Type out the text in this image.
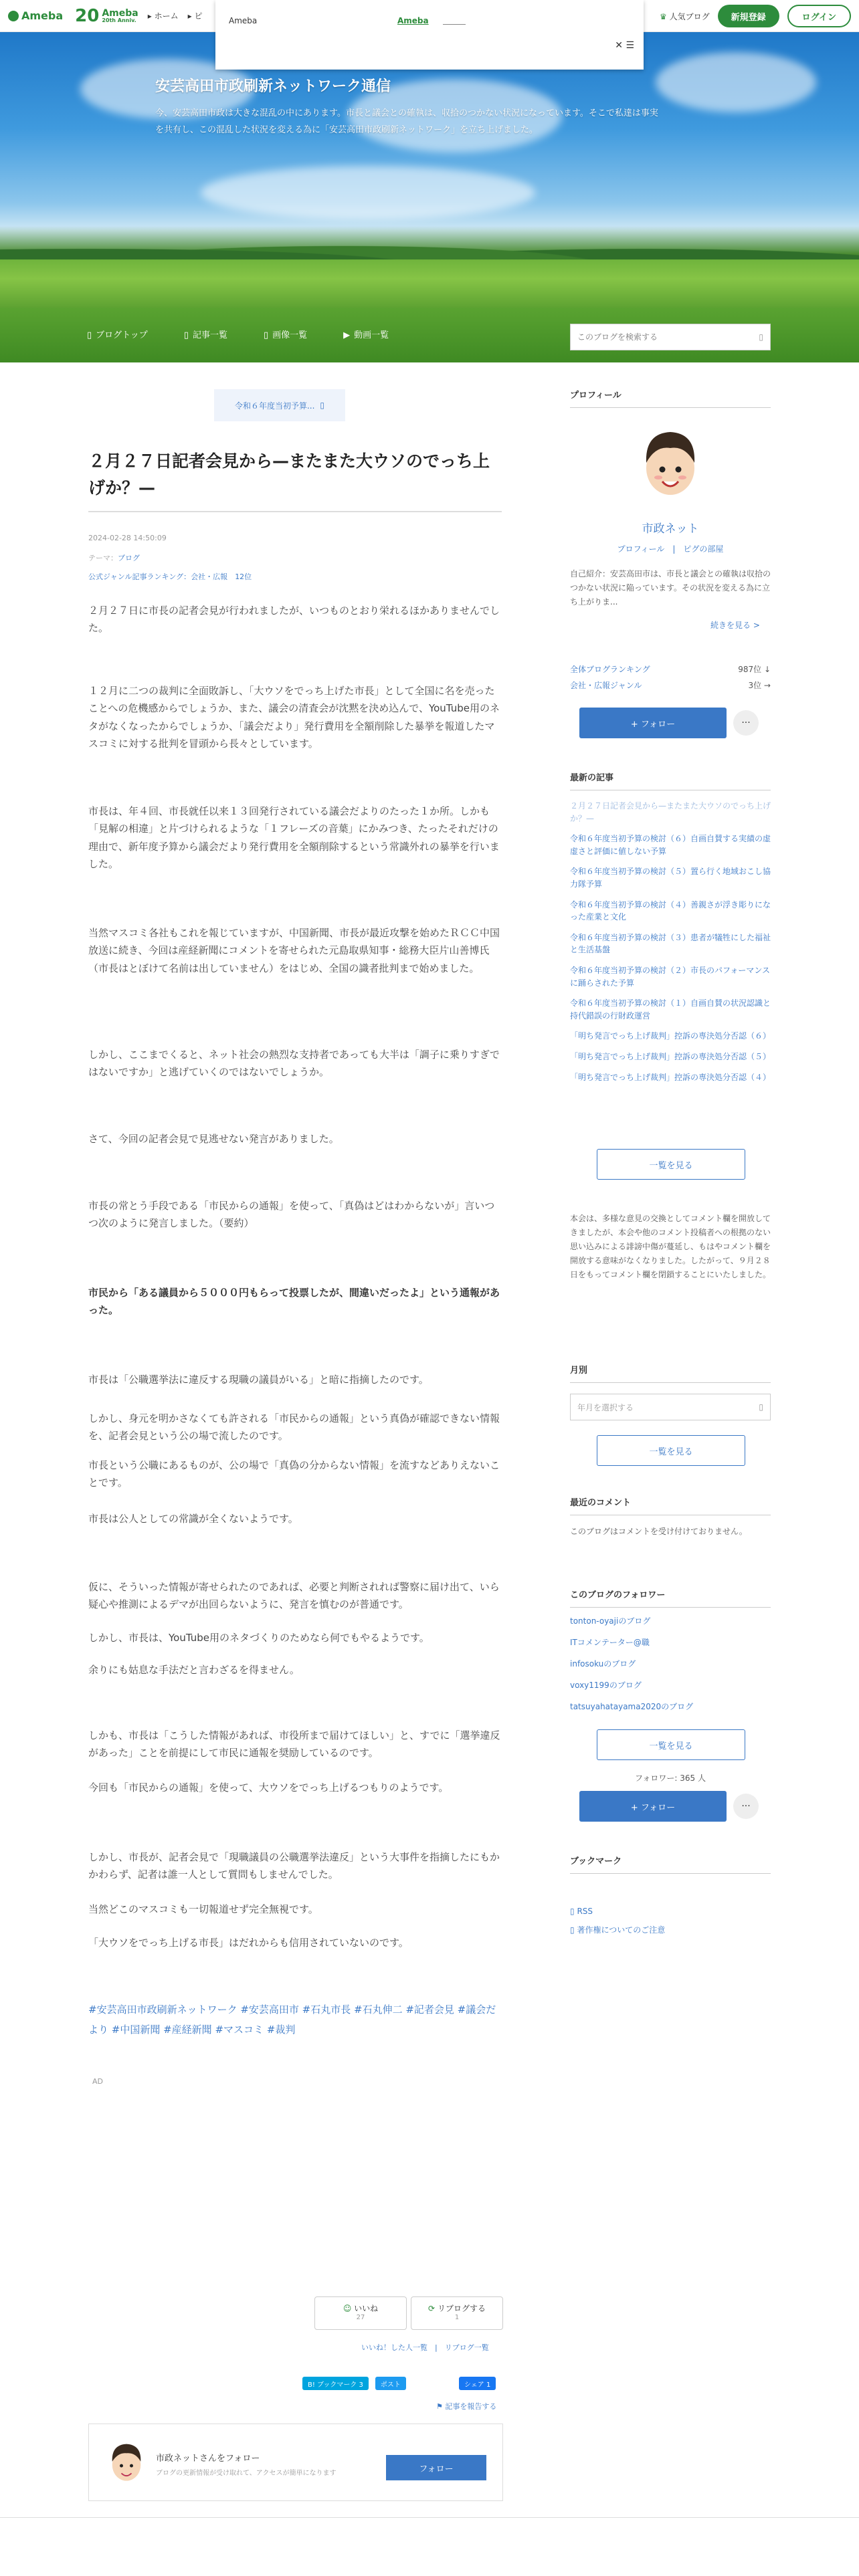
Ameba 20 Ameba
20th Anniv. ▸ ホーム ▸ ピ	♛ 人気ブログ	新規登録	ログイン
Ameba	Ameba
✕ ☰
安芸高田市政刷新ネットワーク通信

今、安芸高田市政は大きな混乱の中にあります。市長と議会との確執は、収拾のつかない状況になっています。そこで私達は事実を共有し、この混乱した状況を変える為に「安芸高田市政刷新ネットワーク」を立ち上げました。

▯ ブログトップ	▯ 記事一覧	▯ 画像一覧	▶ 動画一覧
このブログを検索する	▯
令和６年度当初予算... ▯
２月２７日記者会見から—またまた大ウソのでっち上げか？—
2024-02-28 14:50:09
テーマ：ブログ
公式ジャンル記事ランキング：会社・広報　 12位

２月２７日に市長の記者会見が行われましたが、いつものとおり栄れるほかありませんでした。

１２月に二つの裁判に全面敗訴し、「大ウソをでっち上げた市長」として全国に名を売ったことへの危機感からでしょうか、また、議会の清査会が沈黙を決め込んで、YouTube用のネタがなくなったからでしょうか、「議会だより」発行費用を全額削除した暴挙を報道したマスコミに対する批判を冒頭から長々としています。

市長は、年４回、市長就任以来１３回発行されている議会だよりのたった１か所。しかも「見解の相違」と片づけられるような「１フレーズの音葉」にかみつき、たったそれだけの理由で、新年度予算から議会だより発行費用を全額削除するという常識外れの暴挙を行いました。

当然マスコミ各社もこれを報じていますが、中国新聞、市長が最近攻撃を始めたＲＣＣ中国放送に続き、今回は産経新聞にコメントを寄せられた元島取県知事・総務大臣片山善博氏（市長はとぼけて名前は出していません）をはじめ、全国の識者批判まで始めました。

しかし、ここまでくると、ネット社会の熱烈な支持者であっても大半は「調子に乗りすぎではないですか」と逃げていくのではないでしょうか。

さて、今回の記者会見で見逃せない発言がありました。

市長の常とう手段である「市民からの通報」を使って、「真偽はどはわからないが」言いつつ次のように発言しました。（要約）

市民から「ある議員から５０００円もらって投票したが、間違いだったよ」という通報があった。

市長は「公職選挙法に違反する現職の議員がいる」と暗に指摘したのです。

しかし、身元を明かさなくても許される「市民からの通報」という真偽が確認できない情報を、記者会見という公の場で流したのです。

市長という公職にあるものが、公の場で「真偽の分からない情報」を流すなどありえないことです。

市長は公人としての常識が全くないようです。

仮に、そういった情報が寄せられたのであれば、必要と判断されれば警察に届け出て、いら疑心や推測によるデマが出回らないように、発言を慎むのが普通です。

しかし、市長は、YouTube用のネタづくりのためなら何でもやるようです。

余りにも姑息な手法だと言わざるを得ません。

しかも、市長は「こうした情報があれば、市役所まで届けてほしい」と、すでに「選挙違反があった」ことを前提にして市民に通報を奨励しているのです。

今回も「市民からの通報」を使って、大ウソをでっち上げるつもりのようです。

しかし、市長が、記者会見で「現職議員の公職選挙法違反」という大事件を指摘したにもかかわらず、記者は誰一人として質問もしませんでした。

当然どこのマスコミも一切報道せず完全無視です。

「大ウソをでっち上げる市長」はだれからも信用されていないのです。

#安芸高田市政刷新ネットワーク #安芸高田市 #石丸市長 #石丸伸二 #記者会見 #議会だより #中国新聞 #産経新聞 #マスコミ #裁判
AD
☺ いいね
27
⟳ リブログする
1
いいね！した人一覧　|　リブログ一覧
B! ブックマーク 3	ポスト	シェア 1
⚑ 記事を報告する
市政ネットさんをフォロー
ブログの更新情報が受け取れて、アクセスが簡単になります	フォロー
プロフィール
市政ネット
プロフィール　|　ピグの部屋
自己紹介：安芸高田市は、市長と議会との確執は収拾のつかない状況に陥っています。その状況を変える為に立ち上がりま...
続きを見る >
全体ブログランキング	987位 ↓
会社・広報ジャンル	3位 →
+ フォロー	···
最新の記事
２月２７日記者会見から—またまた大ウソのでっち上げか？—
令和６年度当初予算の検討（６）自画自賛する実績の虚虚さと評価に値しない予算
令和６年度当初予算の検討（５）置ら行く地域おこし協力隊予算
令和６年度当初予算の検討（４）善親さが浮き彫りになった産業と文化
令和６年度当初予算の検討（３）患者が犠牲にした福祉と生活基盤
令和６年度当初予算の検討（２）市長のパフォーマンスに踊らされた予算
令和６年度当初予算の検討（１）自画自賛の状況認識と持代錯誤の行財政運営
「明ち発言でっち上げ裁判」控訴の専決処分否認（６）
「明ち発言でっち上げ裁判」控訴の専決処分否認（５）
「明ち発言でっち上げ裁判」控訴の専決処分否認（４）
一覧を見る
本会は、多様な意見の交換としてコメント欄を開放してきましたが、本会や他のコメント投稿者への根拠のない思い込みによる誹謗中傷が蔓延し、もはやコメント欄を開放する意味がなくなりました。したがって、９月２８日をもってコメント欄を閉鎖することにいたしました。
月別
年月を選択する	▯
一覧を見る
最近のコメント
このブログはコメントを受け付けておりません。
このブログのフォロワー
tonton-oyajiのブログ
ITコメンテーター@職
infosokuのブログ
voxy1199のブログ
tatsuyahatayama2020のブログ
一覧を見る
フォロワー: 365 人
+ フォロー	···
ブックマーク
▯ RSS
▯ 著作権についてのご注意
